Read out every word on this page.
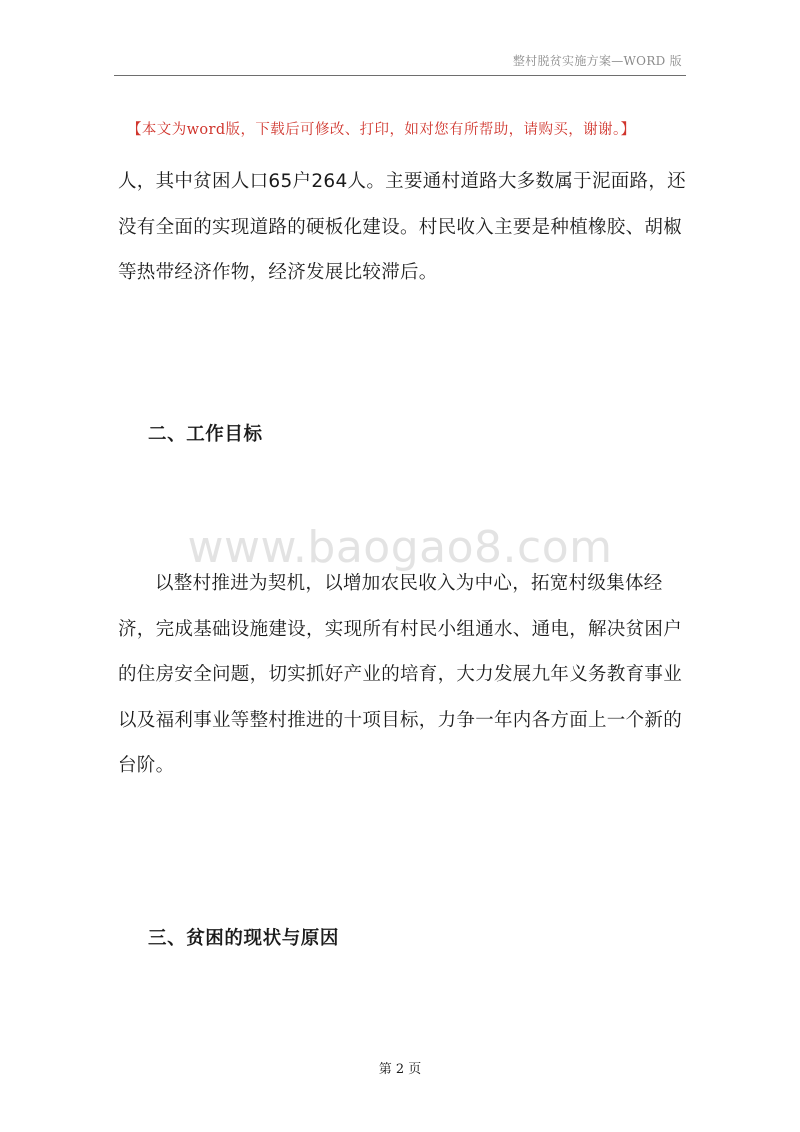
整村脱贫实施方案—WORD 版
【本文为word版，下载后可修改、打印，如对您有所帮助，请购买，谢谢。】

人，其中贫困人口65户264人。主要通村道路大多数属于泥面路，还没有全面的实现道路的硬板化建设。村民收入主要是种植橡胶、胡椒等热带经济作物，经济发展比较滞后。

二、工作目标
www.baogao8.com

以整村推进为契机，以增加农民收入为中心，拓宽村级集体经济，完成基础设施建设，实现所有村民小组通水、通电，解决贫困户的住房安全问题，切实抓好产业的培育，大力发展九年义务教育事业以及福利事业等整村推进的十项目标，力争一年内各方面上一个新的台阶。

三、贫困的现状与原因
第 2 页
